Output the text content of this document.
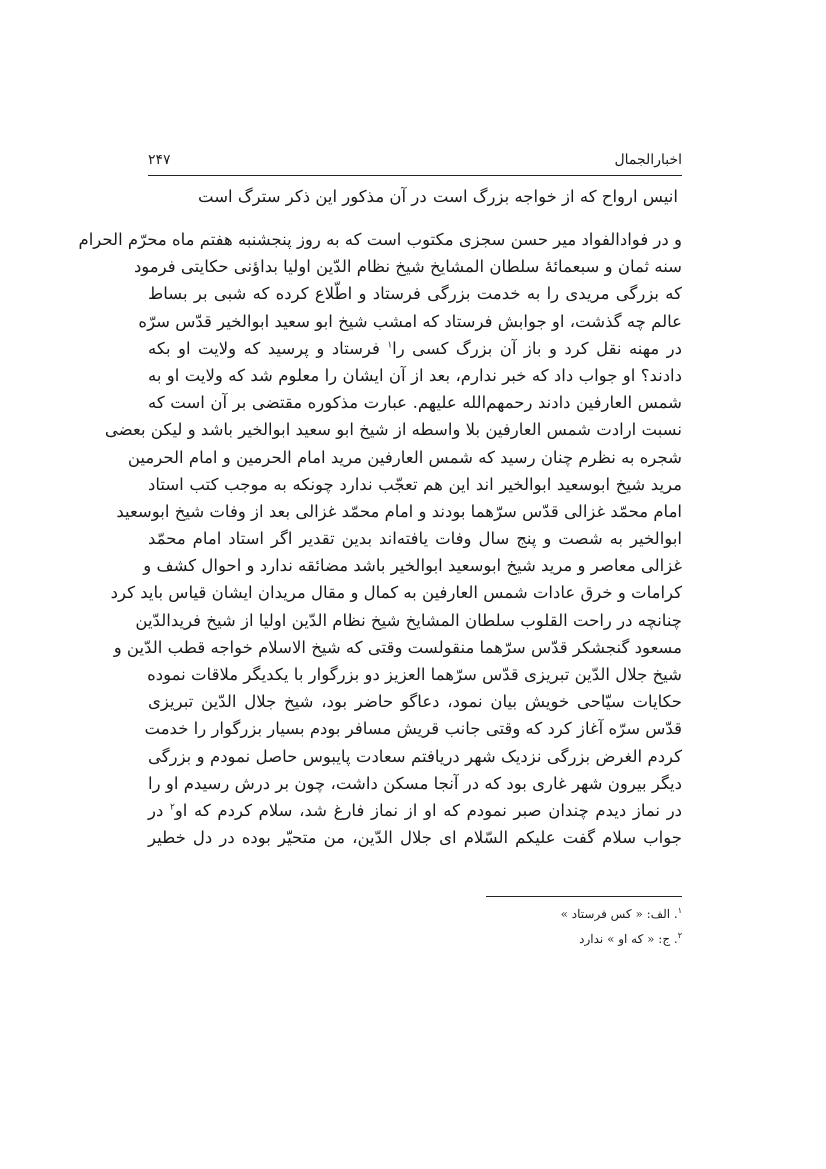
اخبارالجمال
۲۴۷
انیس ارواح که از خواجه بزرگ است
در آن مذکور این ذکر سترگ است
و در فوادالفواد میر حسن سجزی مکتوب است که به روز پنجشنبه هفتم ماه محرّم الحرام
سنه ثمان و سبعمائهٔ سلطان المشایخ شیخ نظام الدّین اولیا بداؤنی حکایتی فرمود
که بزرگی مریدی را به خدمت بزرگی فرستاد و اطّلاع کرده که شبی بر بساط
عالم چه گذشت، او جوابش فرستاد که امشب شیخ ابو سعید ابوالخیر قدّس سرّه
در مهنه نقل کرد و باز آن بزرگ کسی را$^۱$ فرستاد و پرسید که ولایت او بکه
دادند؟ او جواب داد که خبر ندارم، بعد از آن ایشان را معلوم شد که ولایت او به
شمس العارفین دادند رحمهم‌الله علیهم. عبارت مذکوره مقتضی بر آن است که
نسبت ارادت شمس العارفین بلا واسطه از شیخ ابو سعید ابوالخیر باشد و لیکن بعضی
شجره به نظرم چنان رسید که شمس العارفین مرید امام الحرمین و امام الحرمین
مرید شیخ ابوسعید ابوالخیر اند این هم تعجّب ندارد چونکه به موجب کتب استاد
امام محمّد غزالی قدّس سرّهما بودند و امام محمّد غزالی بعد از وفات شیخ ابوسعید
ابوالخیر به شصت و پنج سال وفات یافته‌اند بدین تقدیر اگر استاد امام محمّد
غزالی معاصر و مرید شیخ ابوسعید ابوالخیر باشد مضائقه ندارد و احوال کشف و
کرامات و خرق عادات شمس العارفین به کمال و مقال مریدان ایشان قیاس باید کرد
چنانچه در راحت القلوب سلطان المشایخ شیخ نظام الدّین اولیا از شیخ فریدالدّین
مسعود گنجشکر قدّس سرّهما منقولست وقتی که شیخ الاسلام خواجه قطب الدّین و
شیخ جلال الدّین تبریزی قدّس سرّهما العزیز دو بزرگوار با یکدیگر ملاقات نموده
حکایات سیّاحی خویش بیان نمود، دعاگو حاضر بود، شیخ جلال الدّین تبریزی
قدّس سرّه آغاز کرد که وقتی جانب قریش مسافر بودم بسیار بزرگوار را خدمت
کردم الغرض بزرگی نزدیک شهر دریافتم سعادت پایبوس حاصل نمودم و بزرگی
دیگر بیرون شهر غاری بود که در آنجا مسکن داشت، چون بر درش رسیدم او را
در نماز دیدم چندان صبر نمودم که او از نماز فارغ شد، سلام کردم که او$^۲$ در
جواب سلام گفت علیکم السّلام ای جلال الدّین، من متحیّر بوده در دل خطیر
$^۱$. الف: « کس فرستاد »
$^۲$. ج: « که او » ندارد
